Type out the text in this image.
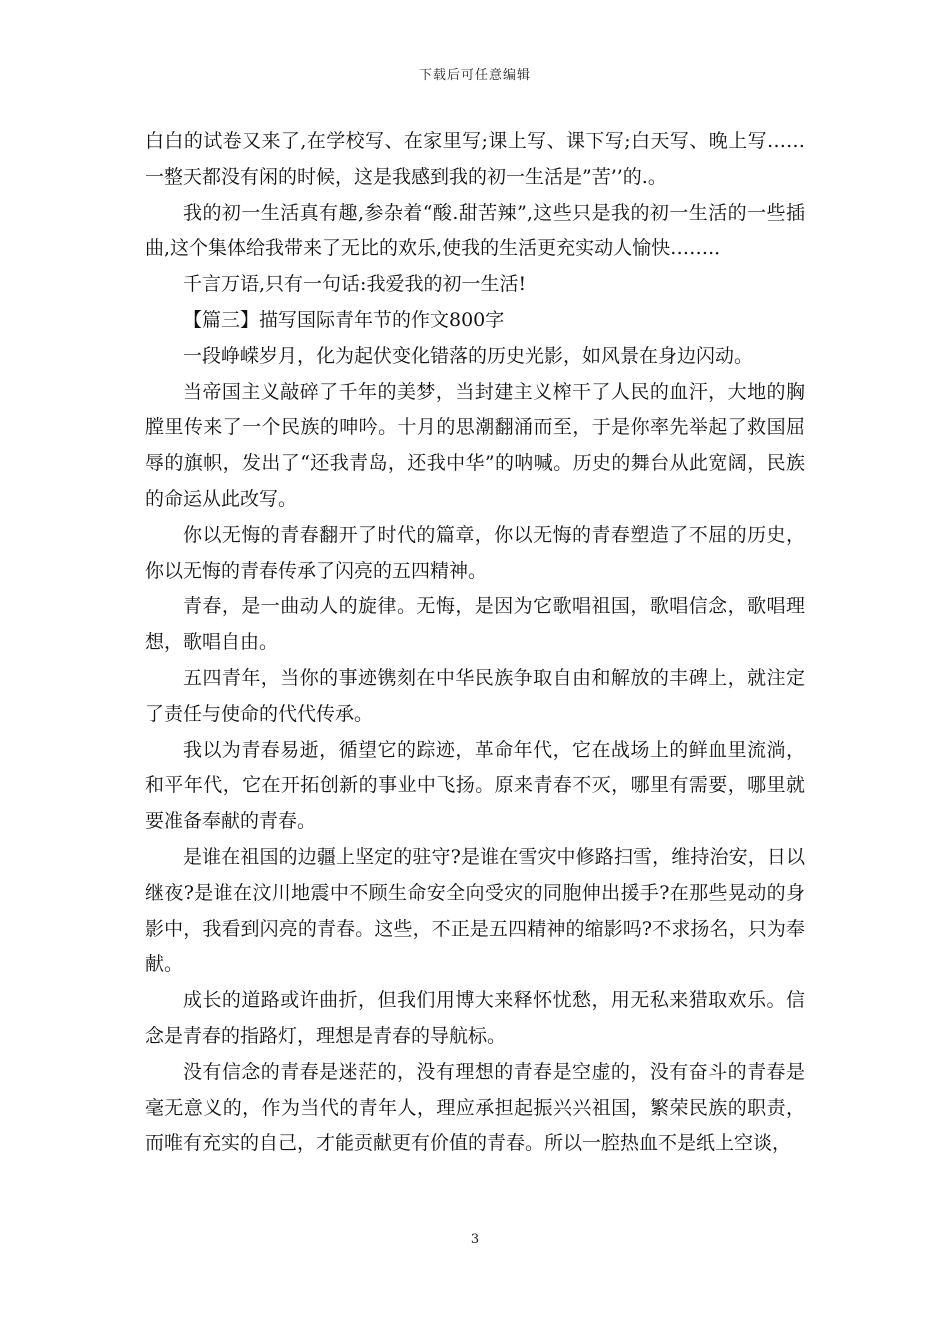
下载后可任意编辑

白白的试卷又来了,在学校写、在家里写;课上写、课下写;白天写、晚上写……一整天都没有闲的时候，这是我感到我的初一生活是”苦’’的.。

我的初一生活真有趣,参杂着“酸.甜苦辣”,这些只是我的初一生活的一些插曲,这个集体给我带来了无比的欢乐,使我的生活更充实动人愉快…….．

千言万语,只有一句话:我爱我的初一生活!

【篇三】描写国际青年节的作文800字

一段峥嵘岁月，化为起伏变化错落的历史光影，如风景在身边闪动。

当帝国主义敲碎了千年的美梦，当封建主义榨干了人民的血汗，大地的胸膛里传来了一个民族的呻吟。十月的思潮翻涌而至，于是你率先举起了救国屈辱的旗帜，发出了“还我青岛，还我中华”的呐喊。历史的舞台从此宽阔，民族的命运从此改写。

你以无悔的青春翻开了时代的篇章，你以无悔的青春塑造了不屈的历史，你以无悔的青春传承了闪亮的五四精神。

青春，是一曲动人的旋律。无悔，是因为它歌唱祖国，歌唱信念，歌唱理想，歌唱自由。

五四青年，当你的事迹镌刻在中华民族争取自由和解放的丰碑上，就注定了责任与使命的代代传承。

我以为青春易逝，循望它的踪迹，革命年代，它在战场上的鲜血里流淌，和平年代，它在开拓创新的事业中飞扬。原来青春不灭，哪里有需要，哪里就要准备奉献的青春。

是谁在祖国的边疆上坚定的驻守?是谁在雪灾中修路扫雪，维持治安，日以继夜?是谁在汶川地震中不顾生命安全向受灾的同胞伸出援手?在那些晃动的身影中，我看到闪亮的青春。这些，不正是五四精神的缩影吗?不求扬名，只为奉献。

成长的道路或许曲折，但我们用博大来释怀忧愁，用无私来猎取欢乐。信念是青春的指路灯，理想是青春的导航标。

没有信念的青春是迷茫的，没有理想的青春是空虚的，没有奋斗的青春是毫无意义的，作为当代的青年人，理应承担起振兴兴祖国，繁荣民族的职责，而唯有充实的自己，才能贡献更有价值的青春。所以一腔热血不是纸上空谈，

3
